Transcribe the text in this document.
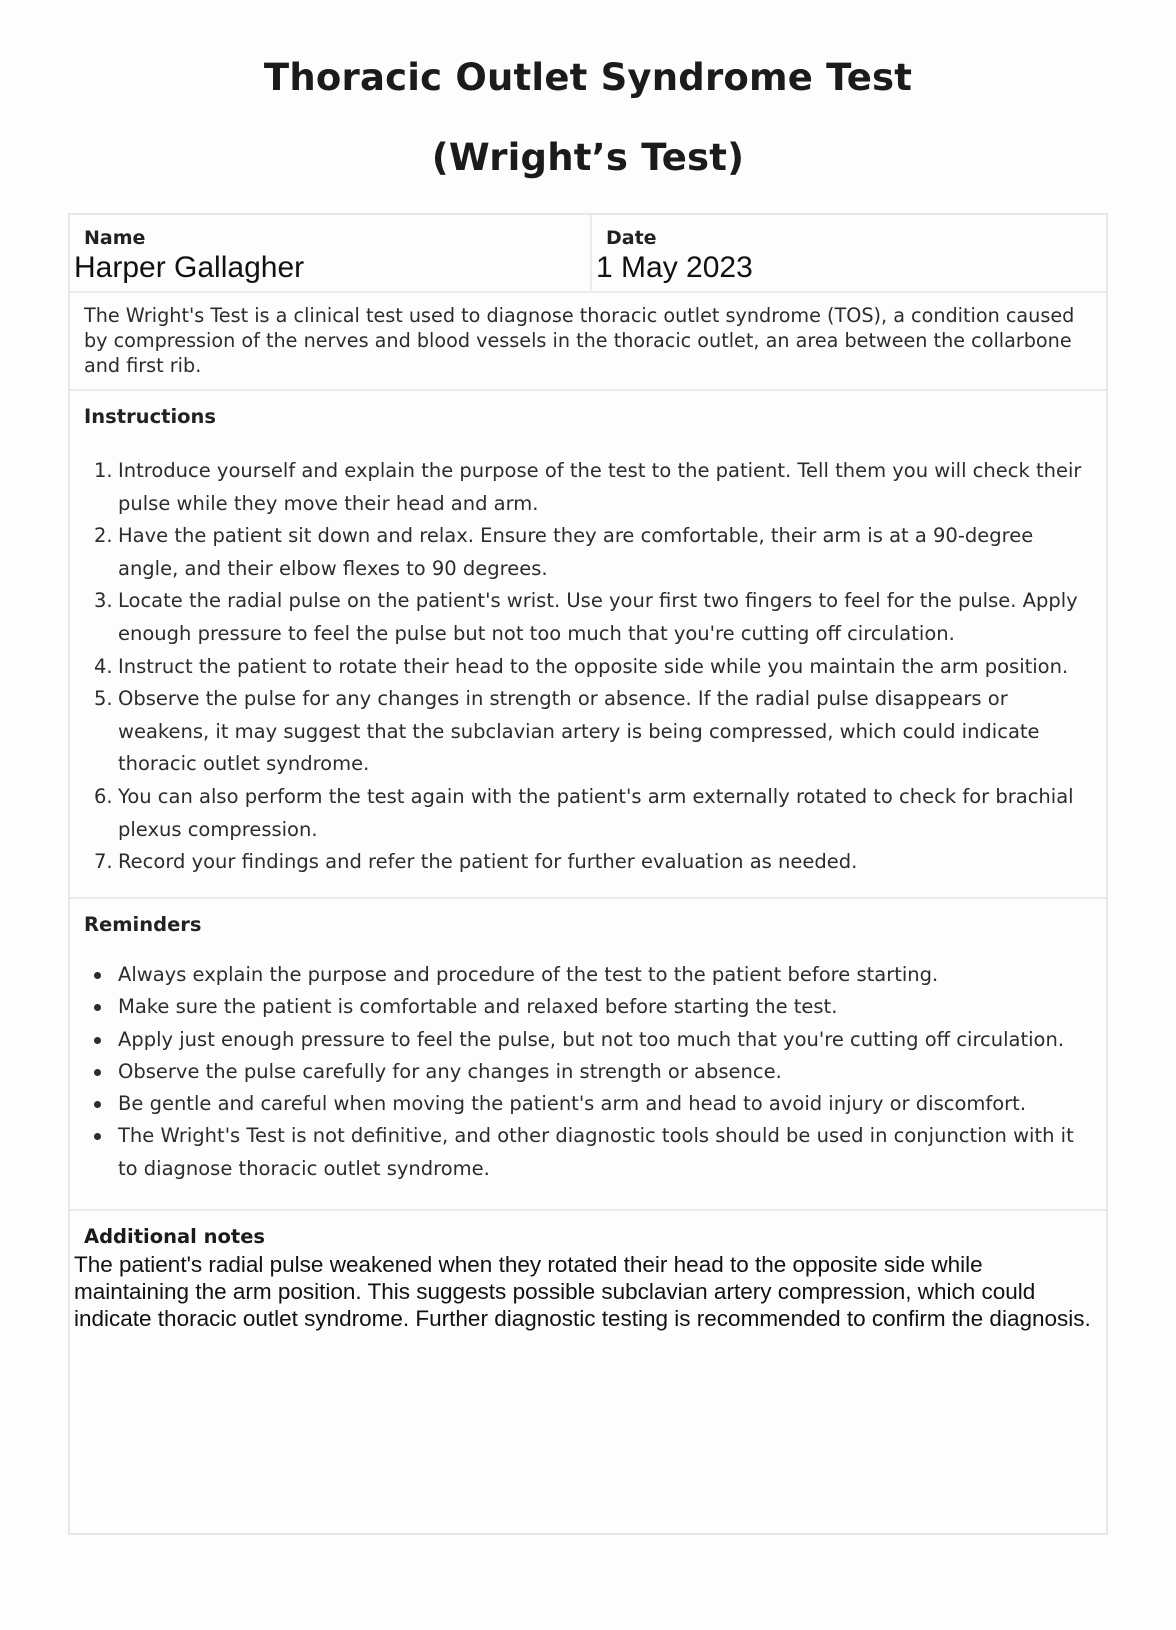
Thoracic Outlet Syndrome Test
(Wright’s Test)
Name
Harper Gallagher
Date
1 May 2023
The Wright's Test is a clinical test used to diagnose thoracic outlet syndrome (TOS), a condition caused by compression of the nerves and blood vessels in the thoracic outlet, an area between the collarbone and first rib.
Instructions
1. Introduce yourself and explain the purpose of the test to the patient. Tell them you will check their pulse while they move their head and arm.
2. Have the patient sit down and relax. Ensure they are comfortable, their arm is at a 90-degree angle, and their elbow flexes to 90 degrees.
3. Locate the radial pulse on the patient's wrist. Use your first two fingers to feel for the pulse. Apply enough pressure to feel the pulse but not too much that you're cutting off circulation.
4. Instruct the patient to rotate their head to the opposite side while you maintain the arm position.
5. Observe the pulse for any changes in strength or absence. If the radial pulse disappears or weakens, it may suggest that the subclavian artery is being compressed, which could indicate thoracic outlet syndrome.
6. You can also perform the test again with the patient's arm externally rotated to check for brachial plexus compression.
7. Record your findings and refer the patient for further evaluation as needed.
Reminders
Always explain the purpose and procedure of the test to the patient before starting.
Make sure the patient is comfortable and relaxed before starting the test.
Apply just enough pressure to feel the pulse, but not too much that you're cutting off circulation.
Observe the pulse carefully for any changes in strength or absence.
Be gentle and careful when moving the patient's arm and head to avoid injury or discomfort.
The Wright's Test is not definitive, and other diagnostic tools should be used in conjunction with it to diagnose thoracic outlet syndrome.
Additional notes
The patient's radial pulse weakened when they rotated their head to the opposite side while maintaining the arm position. This suggests possible subclavian artery compression, which could indicate thoracic outlet syndrome. Further diagnostic testing is recommended to confirm the diagnosis.
